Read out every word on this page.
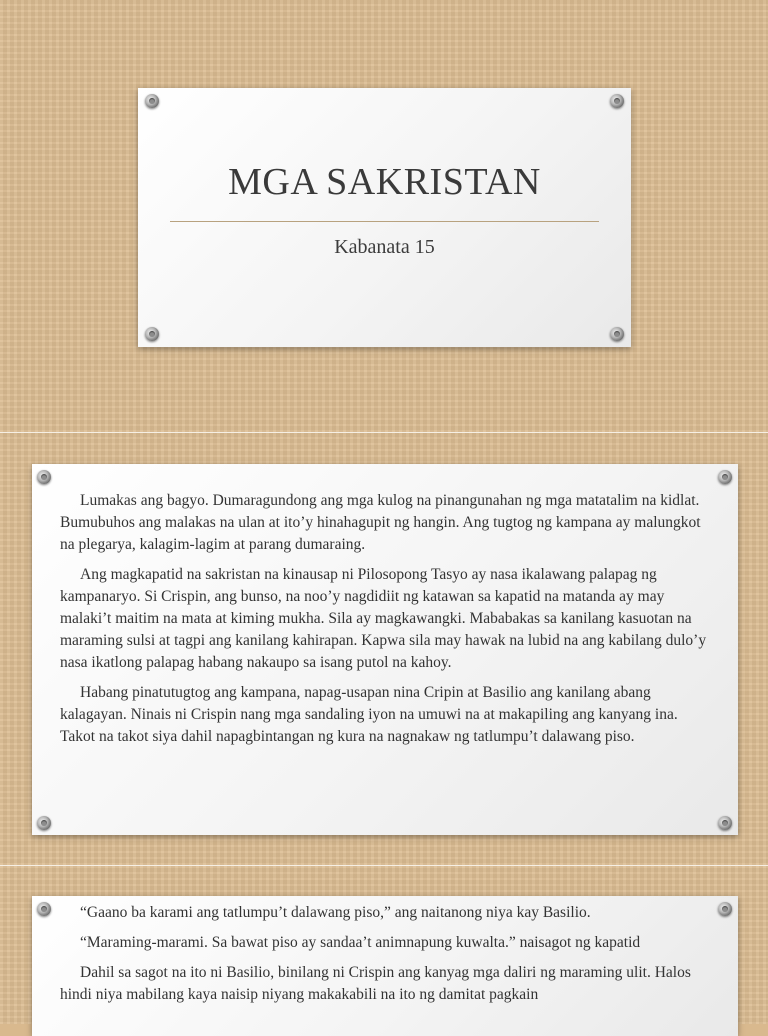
MGA SAKRISTAN
Kabanata 15

Lumakas ang bagyo. Dumaragundong ang mga kulog na pinangunahan ng mga matatalim na kidlat. Bumubuhos ang malakas na ulan at ito’y hinahagupit ng hangin. Ang tugtog ng kampana ay malungkot na plegarya, kalagim-lagim at parang dumaraing.

Ang magkapatid na sakristan na kinausap ni Pilosopong Tasyo ay nasa ikalawang palapag ng kampanaryo. Si Crispin, ang bunso, na noo’y nagdidiit ng katawan sa kapatid na matanda ay may malaki’t maitim na mata at kiming mukha. Sila ay magkawangki. Mababakas sa kanilang kasuotan na maraming sulsi at tagpi ang kanilang kahirapan. Kapwa sila may hawak na lubid na ang kabilang dulo’y nasa ikatlong palapag habang nakaupo sa isang putol na kahoy.

Habang pinatutugtog ang kampana, napag-usapan nina Cripin at Basilio ang kanilang abang kalagayan. Ninais ni Crispin nang mga sandaling iyon na umuwi na at makapiling ang kanyang ina. Takot na takot siya dahil napagbintangan ng kura na nagnakaw ng tatlumpu’t dalawang piso.

“Gaano ba karami ang tatlumpu’t dalawang piso,” ang naitanong niya kay Basilio.

“Maraming-marami. Sa bawat piso ay sandaa’t animnapung kuwalta.” naisagot ng kapatid

Dahil sa sagot na ito ni Basilio, binilang ni Crispin ang kanyag mga daliri ng maraming ulit. Halos hindi niya mabilang kaya naisip niyang makakabili na ito ng damitat pagkain
